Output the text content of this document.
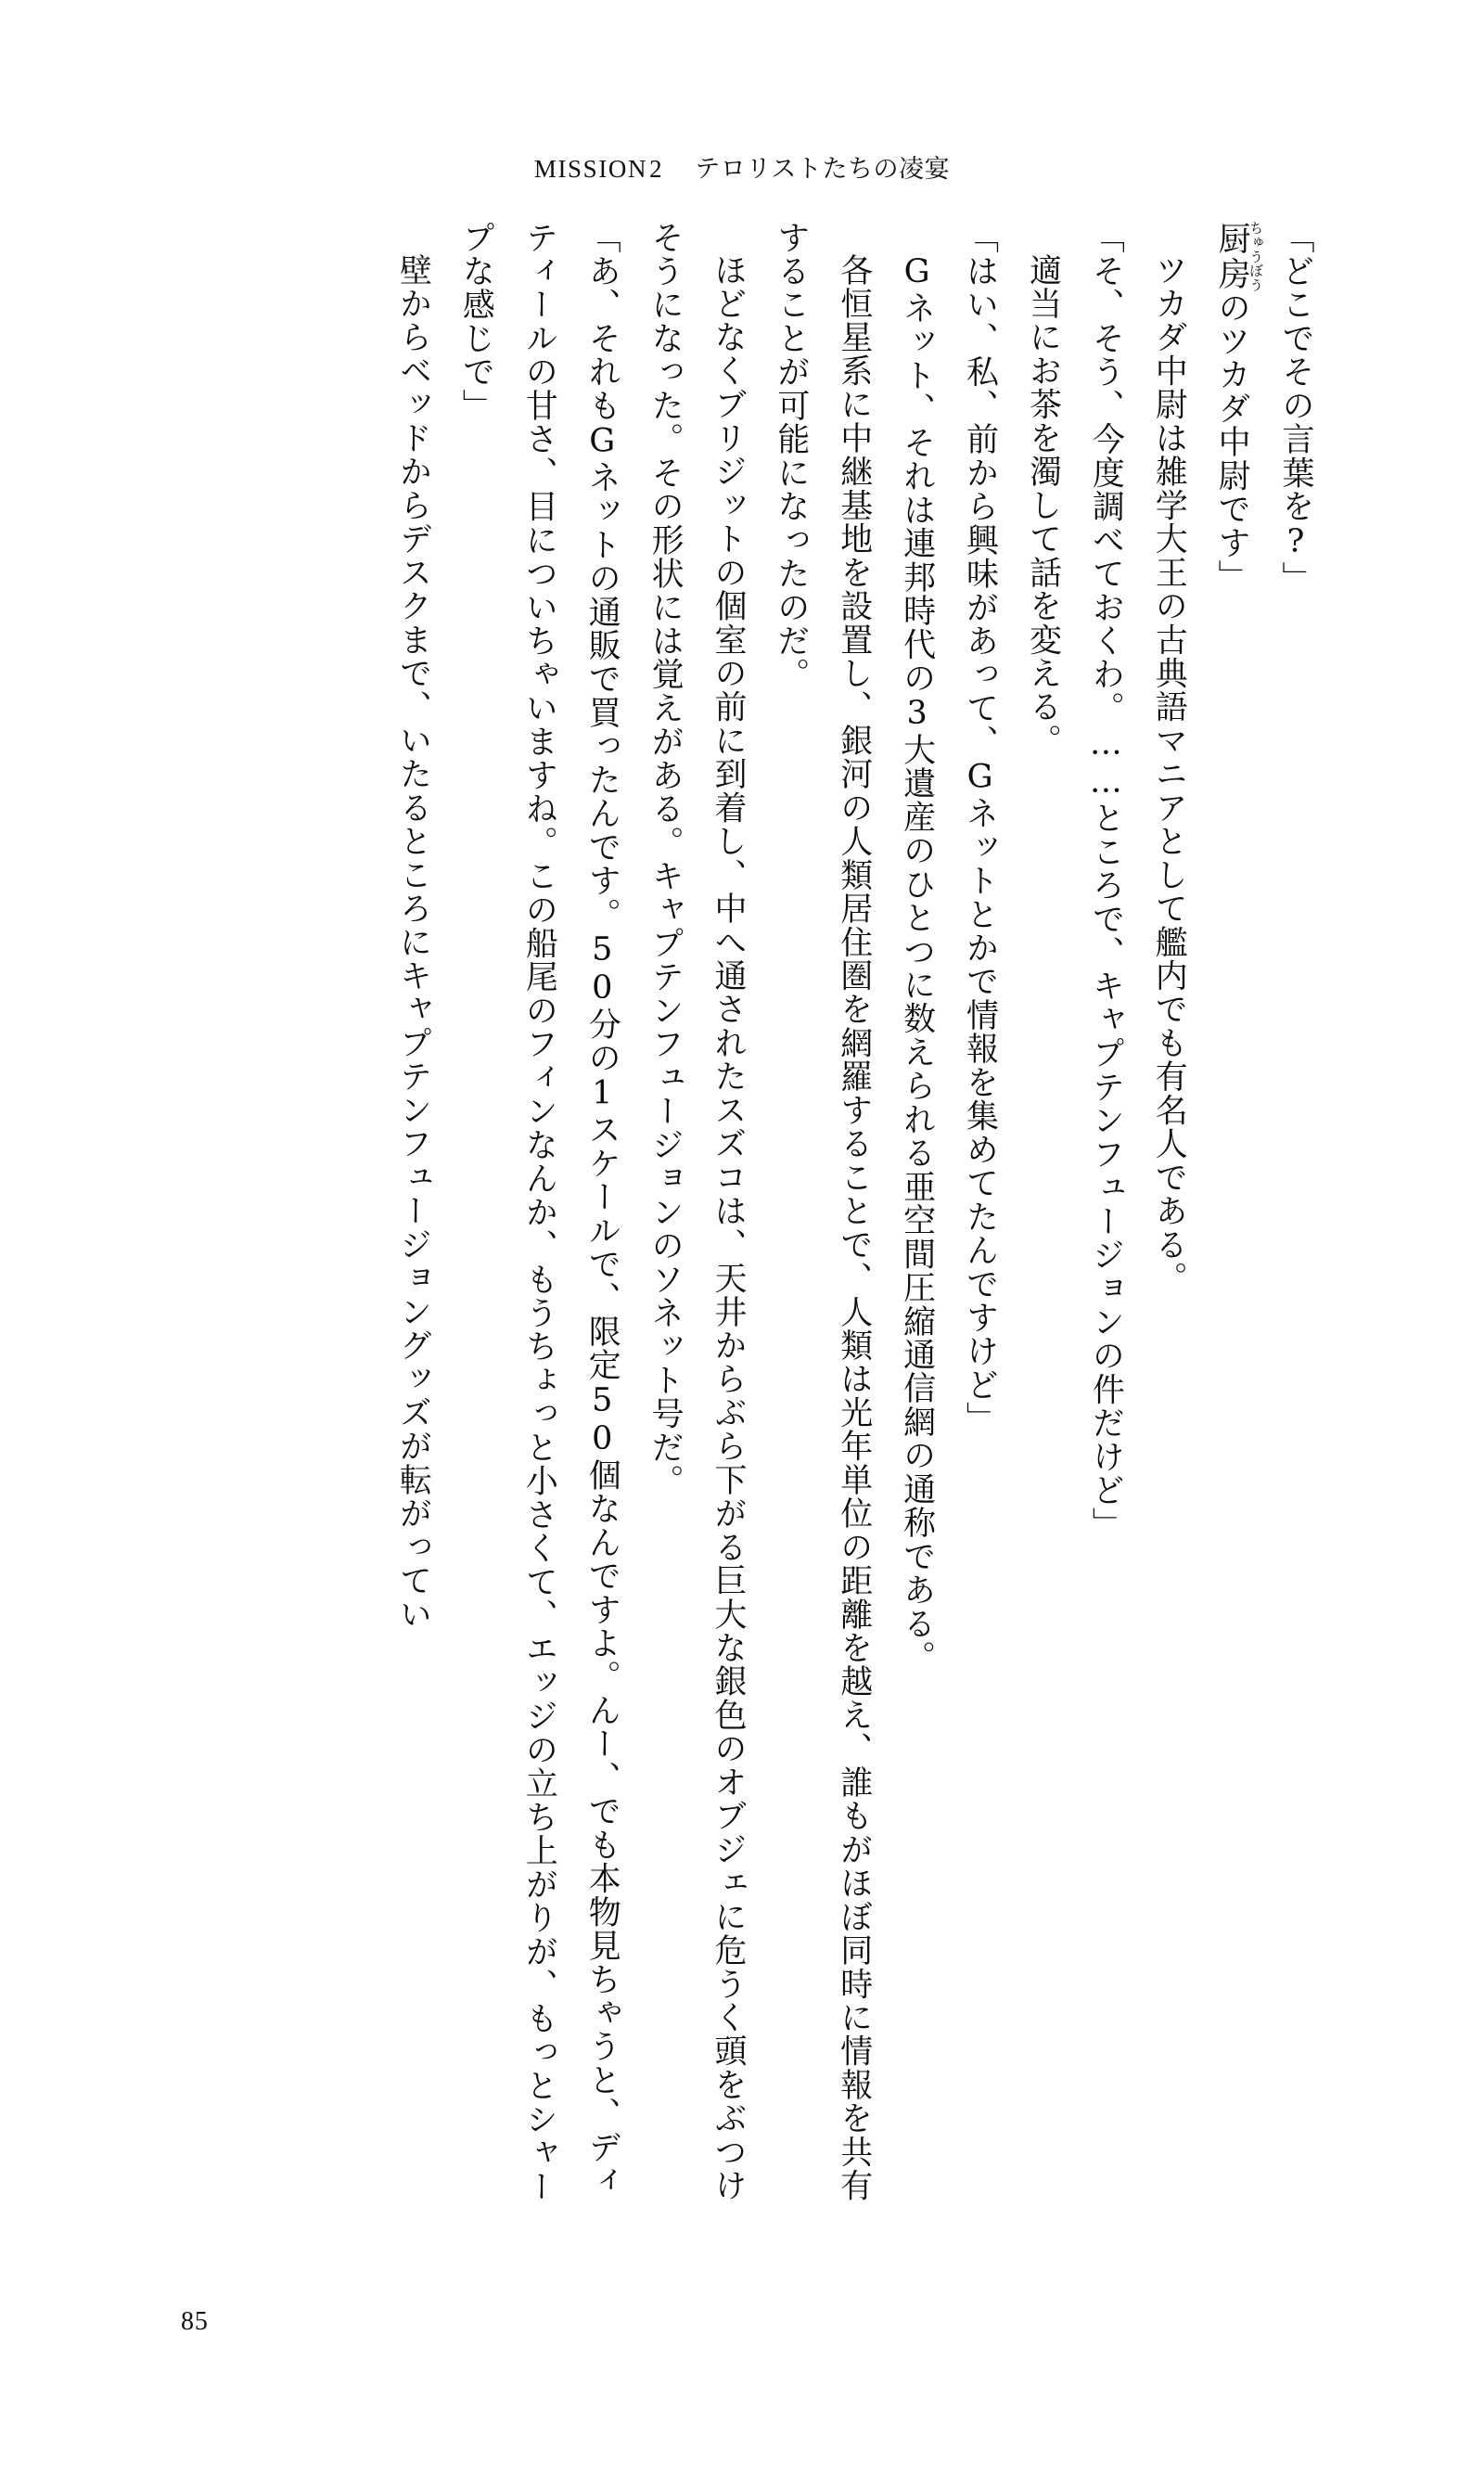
MISSION2 テロリストたちの凌宴

「どこでその言葉を?」

厨房ちゅうぼうのツカダ中尉です」

ツカダ中尉は雑学大王の古典語マニアとして艦内でも有名人である。

「そ、そう、今度調べておくわ。……ところで、キャプテンフュージョンの件だけど」

適当にお茶を濁して話を変える。

「はい、私、前から興味があって、Gネットとかで情報を集めてたんですけど」

Gネット、それは連邦時代の3大遺産のひとつに数えられる亜空間圧縮通信網の通称である。

各恒星系に中継基地を設置し、銀河の人類居住圏を網羅することで、人類は光年単位の距離を越え、誰もがほぼ同時に情報を共有することが可能になったのだ。

ほどなくブリジットの個室の前に到着し、中へ通されたスズコは、天井からぶら下がる巨大な銀色のオブジェに危うく頭をぶつけそうになった。その形状には覚えがある。キャプテンフュージョンのソネット号だ。

「あ、それもGネットの通販で買ったんです。50分の1スケールで、限定50個なんですよ。んー、でも本物見ちゃうと、ディティールの甘さ、目についちゃいますね。この船尾のフィンなんか、もうちょっと小さくて、エッジの立ち上がりが、もっとシャープな感じで」

壁からベッドからデスクまで、いたるところにキャプテンフュージョングッズが転がってい

85
